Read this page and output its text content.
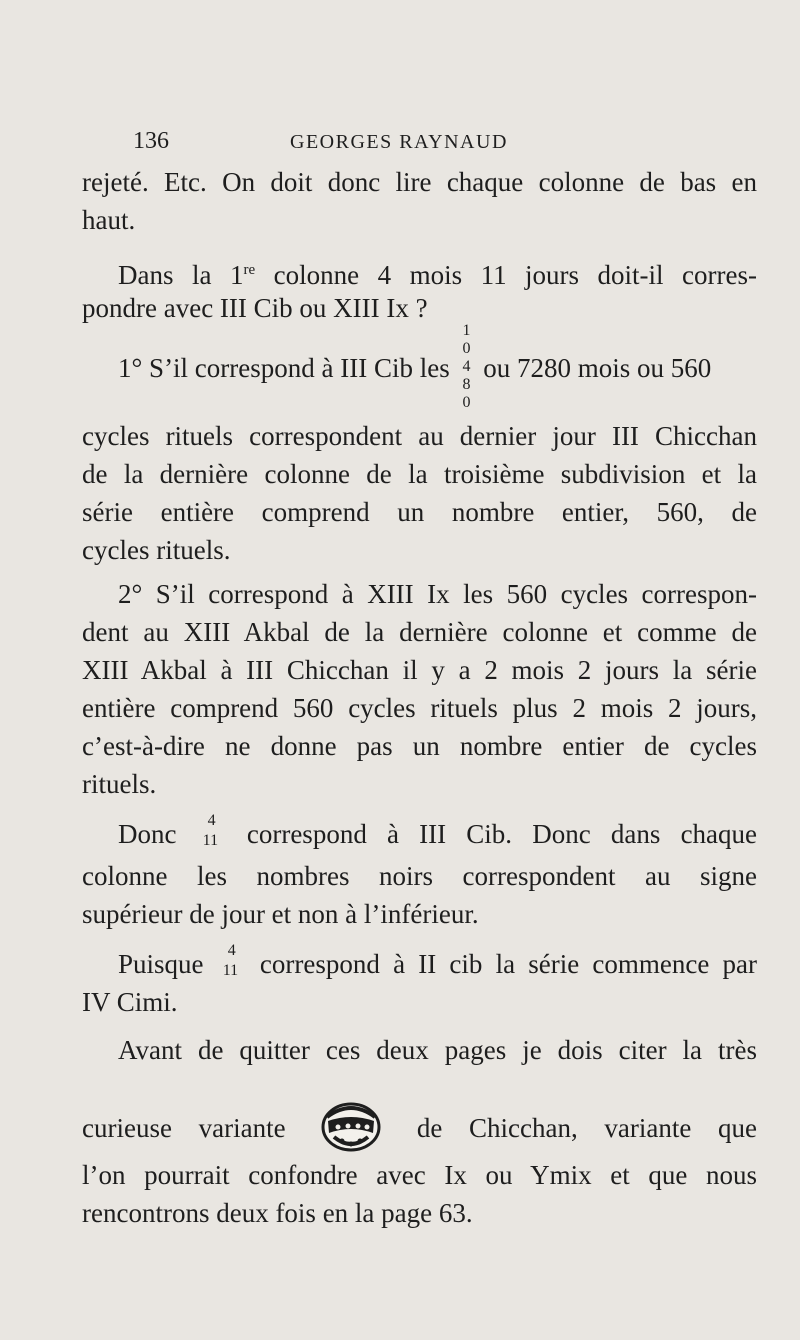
136	GEORGES RAYNAUD
rejeté. Etc. On doit donc lire chaque colonne de bas en
haut.
Dans la 1re colonne 4 mois 11 jours doit-il corres-
pondre avec III Cib ou XIII Ix ?
1° S’il correspond à III Cib les
1
0
4
8
0
ou 7280 mois ou 560
cycles rituels correspondent au dernier jour III Chicchan
de la dernière colonne de la troisième subdivision et la
série entière comprend un nombre entier, 560, de
cycles rituels.
2° S’il correspond à XIII Ix les 560 cycles correspon-
dent au XIII Akbal de la dernière colonne et comme de
XIII Akbal à III Chicchan il y a 2 mois 2 jours la série
entière comprend 560 cycles rituels plus 2 mois 2 jours,
c’est-à-dire ne donne pas un nombre entier de cycles
rituels.
Donc 4
11 correspond à III Cib. Donc dans chaque
colonne les nombres noirs correspondent au signe
supérieur de jour et non à l’inférieur.
Puisque 4
11 correspond à II cib la série commence par
IV Cimi.
Avant de quitter ces deux pages je dois citer la très
curieuse variante	de Chicchan, variante que
l’on pourrait confondre avec Ix ou Ymix et que nous
rencontrons deux fois en la page 63.
